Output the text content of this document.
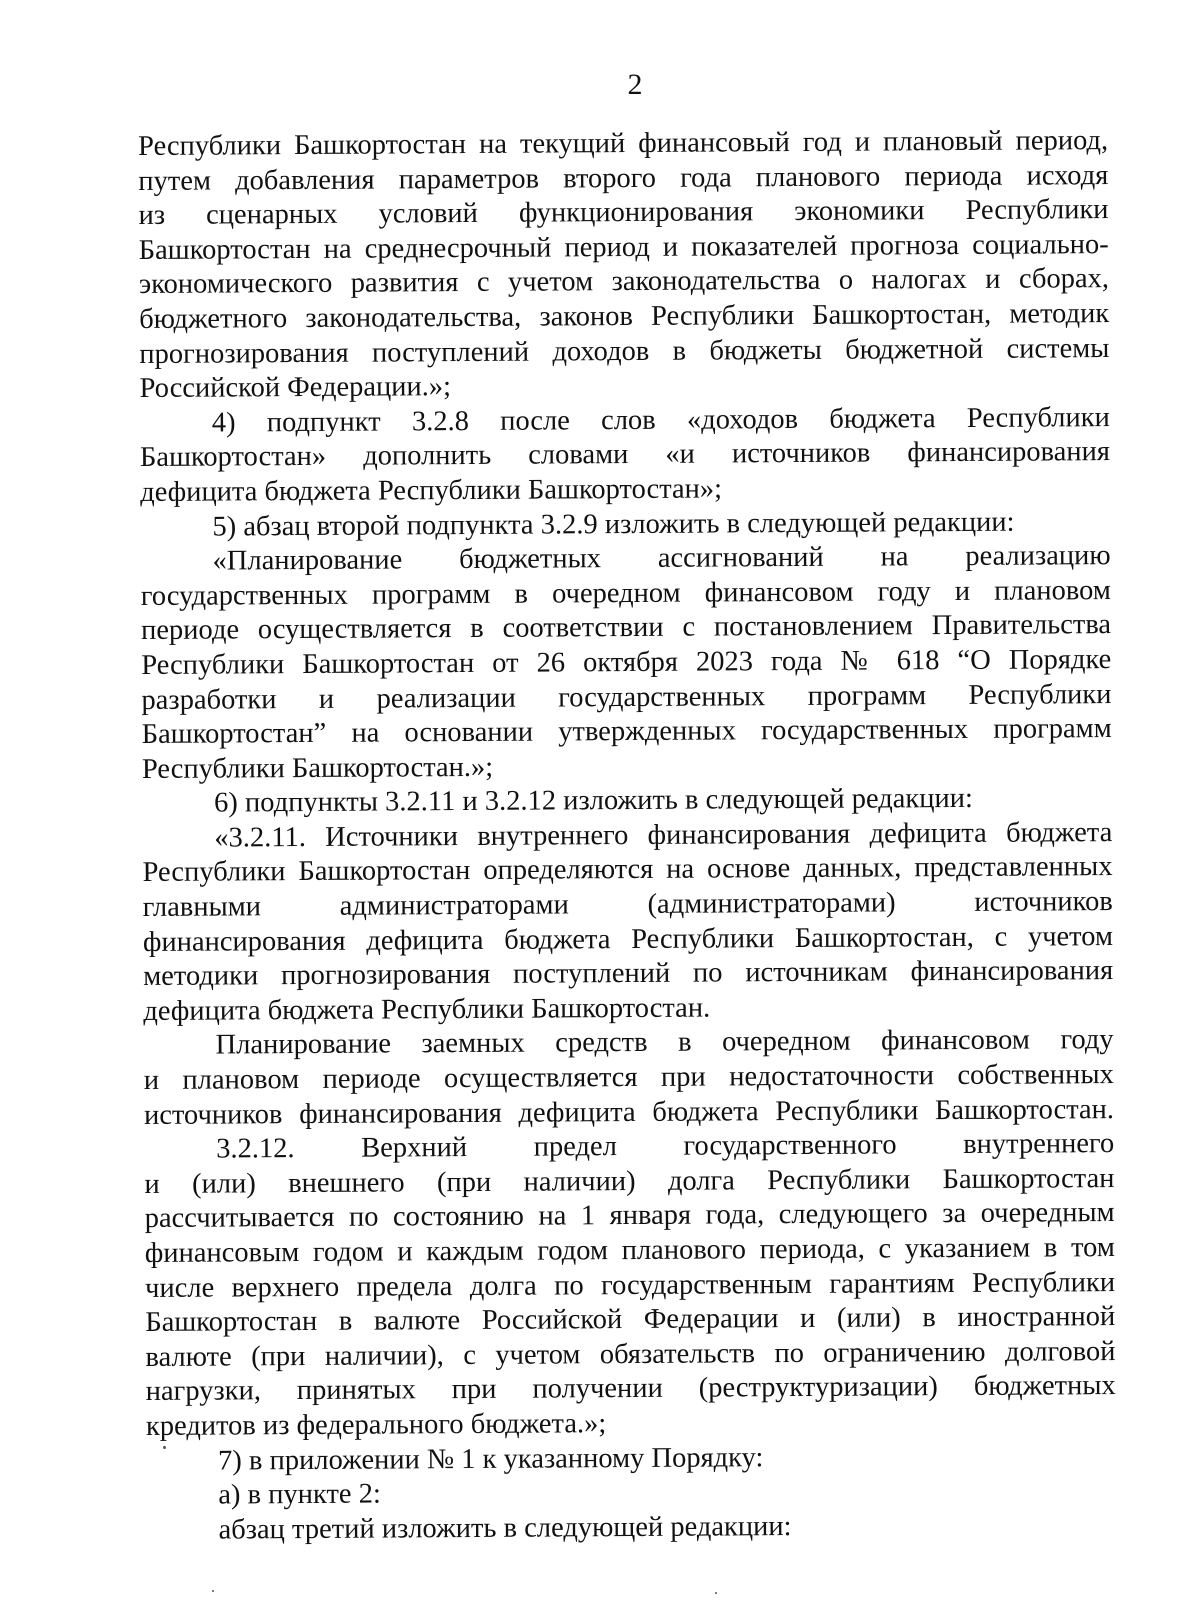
2
Республики Башкортостан на текущий финансовый год и плановый период,
путем добавления параметров второго года планового периода исходя
из сценарных условий функционирования экономики Республики
Башкортостан на среднесрочный период и показателей прогноза социально-
экономического развития с учетом законодательства о налогах и сборах,
бюджетного законодательства, законов Республики Башкортостан, методик
прогнозирования поступлений доходов в бюджеты бюджетной системы
Российской Федерации.»;
4) подпункт 3.2.8 после слов «доходов бюджета Республики
Башкортостан» дополнить словами «и источников финансирования
дефицита бюджета Республики Башкортостан»;
5) абзац второй подпункта 3.2.9 изложить в следующей редакции:
«Планирование бюджетных ассигнований на реализацию
государственных программ в очередном финансовом году и плановом
периоде осуществляется в соответствии с постановлением Правительства
Республики Башкортостан от 26 октября 2023 года № 618 “О Порядке
разработки и реализации государственных программ Республики
Башкортостан” на основании утвержденных государственных программ
Республики Башкортостан.»;
6) подпункты 3.2.11 и 3.2.12 изложить в следующей редакции:
«3.2.11. Источники внутреннего финансирования дефицита бюджета
Республики Башкортостан определяются на основе данных, представленных
главными администраторами (администраторами) источников
финансирования дефицита бюджета Республики Башкортостан, с учетом
методики прогнозирования поступлений по источникам финансирования
дефицита бюджета Республики Башкортостан.
Планирование заемных средств в очередном финансовом году
и плановом периоде осуществляется при недостаточности собственных
источников финансирования дефицита бюджета Республики Башкортостан.
3.2.12. Верхний предел государственного внутреннего
и (или) внешнего (при наличии) долга Республики Башкортостан
рассчитывается по состоянию на 1 января года, следующего за очередным
финансовым годом и каждым годом планового периода, с указанием в том
числе верхнего предела долга по государственным гарантиям Республики
Башкортостан в валюте Российской Федерации и (или) в иностранной
валюте (при наличии), с учетом обязательств по ограничению долговой
нагрузки, принятых при получении (реструктуризации) бюджетных
кредитов из федерального бюджета.»;
7) в приложении № 1 к указанному Порядку:
а) в пункте 2:
абзац третий изложить в следующей редакции:
